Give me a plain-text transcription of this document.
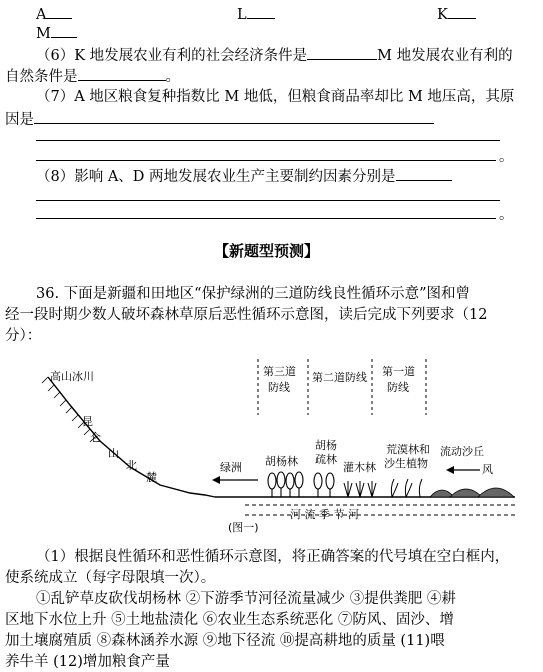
A	L	K
M
（6）K 地发展农业有利的社会经济条件是	M 地发展农业有利的
自然条件是	。
（7）A 地区粮食复种指数比 M 地低，但粮食商品率却比 M 地压高，其原
因是
。
（8）影响 A、D 两地发展农业生产主要制约因素分别是
。
【新题型预测】
36. 下面是新疆和田地区“保护绿洲的三道防线良性循环示意”图和曾
经一段时期少数人破坏森林草原后恶性循环示意图，读后完成下列要求（12
分）：
高山冰川
昆
仑
山
北
麓
第三道
防线
第二道防线 第一道
防线
胡杨林
胡杨
疏林
灌木林
荒漠林和
沙生植物
流动沙丘
风
绿洲
河 流 季 节 河
(图一)
（1）根据良性循环和恶性循环示意图，将正确答案的代号填在空白框内，
使系统成立（每字母限填一次）。
①乱铲草皮砍伐胡杨林 ②下游季节河径流量减少 ③提供粪肥 ④耕
区地下水位上升 ⑤土地盐渍化 ⑥农业生态系统恶化 ⑦防风、固沙、增
加土壤腐殖质 ⑧森林涵养水源 ⑨地下径流 ⑩提高耕地的质量 (11)喂
养牛羊 (12)增加粮食产量
